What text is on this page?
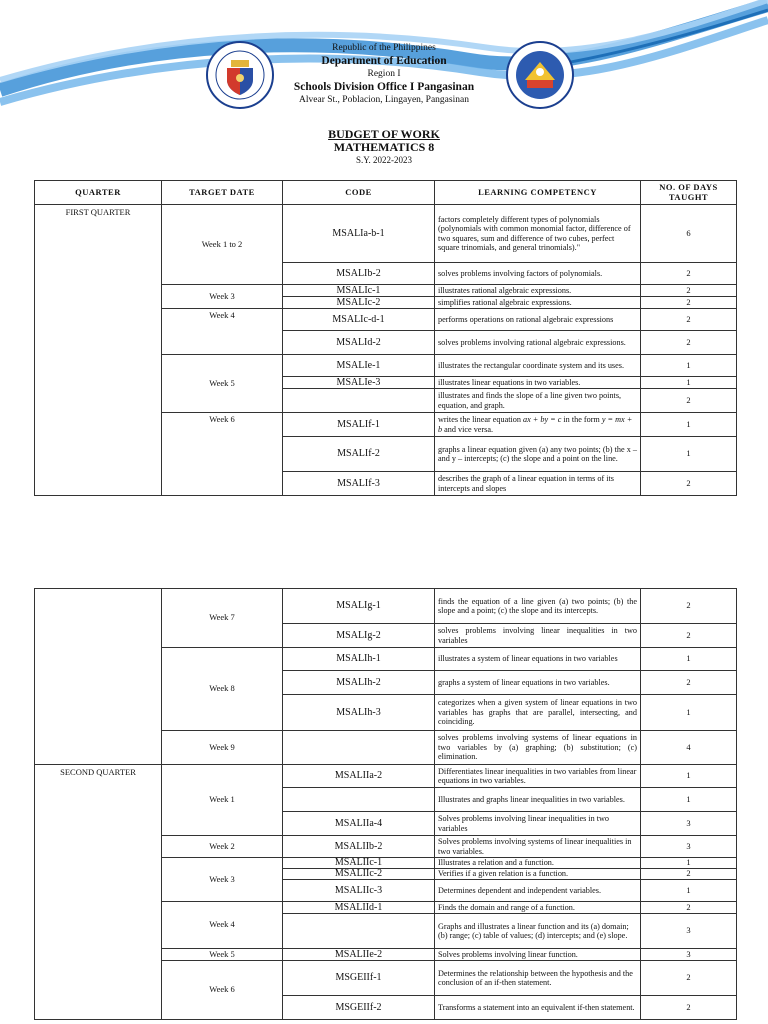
Republic of the Philippines
Department of Education
Region I
Schools Division Office I Pangasinan
Alvear St., Poblacion, Lingayen, Pangasinan
BUDGET OF WORK
MATHEMATICS 8
S.Y. 2022-2023
QUARTER	TARGET DATE	CODE	LEARNING COMPETENCY	NO. OF DAYS TAUGHT
FIRST QUARTER	Week 1 to 2	MSALIa-b-1	factors completely different types of polynomials (polynomials with common monomial factor, difference of two squares, sum and difference of two cubes, perfect square trinomials, and general trinomials)."	6
		MSALIb-2	solves problems involving factors of polynomials.	2
	Week 3	MSALIc-1	illustrates rational algebraic expressions.	2
		MSALIc-2	simplifies rational algebraic expressions.	2
	Week 4	MSALIc-d-1	performs operations on rational algebraic expressions	2
		MSALId-2	solves problems involving rational algebraic expressions.	2
	Week 5	MSALIe-1	illustrates the rectangular coordinate system and its uses.	1
		MSALIe-3	illustrates linear equations in two variables.	1
			illustrates and finds the slope of a line given two points, equation, and graph.	2
	Week 6	MSALIf-1	writes the linear equation ax + by = c in the form y = mx + b and vice versa.	1
		MSALIf-2	graphs a linear equation given (a) any two points; (b) the x – and y – intercepts; (c) the slope and a point on the line.	1
		MSALIf-3	describes the graph of a linear equation in terms of its intercepts and slopes	2
	Week 7	MSALIg-1	finds the equation of a line given (a) two points; (b) the slope and a point; (c) the slope and its intercepts.	2
		MSALIg-2	solves problems involving linear inequalities in two variables	2
	Week 8	MSALIh-1	illustrates a system of linear equations in two variables	1
		MSALIh-2	graphs a system of linear equations in two variables.	2
		MSALIh-3	categorizes when a given system of linear equations in two variables has graphs that are parallel, intersecting, and coinciding.	1
	Week 9		solves problems involving systems of linear equations in two variables by (a) graphing; (b) substitution; (c) elimination.	4
SECOND QUARTER	Week 1	MSALIIa-2	Differentiates linear inequalities in two variables from linear equations in two variables.	1
			Illustrates and graphs linear inequalities in two variables.	1
		MSALIIa-4	Solves problems involving linear inequalities in two variables	3
	Week 2	MSALIIb-2	Solves problems involving systems of linear inequalities in two variables.	3
	Week 3	MSALIIc-1	Illustrates a relation and a function.	1
		MSALIIc-2	Verifies if a given relation is a function.	2
		MSALIIc-3	Determines dependent and independent variables.	1
	Week 4	MSALIId-1	Finds the domain and range of a function.	2
			Graphs and illustrates a linear function and its (a) domain; (b) range; (c) table of values; (d) intercepts; and (e) slope.	3
	Week 5	MSALIIe-2	Solves problems involving linear function.	3
	Week 6	MSGEIIf-1	Determines the relationship between the hypothesis and the conclusion of an if-then statement.	2
		MSGEIIf-2	Transforms a statement into an equivalent if-then statement.	2
